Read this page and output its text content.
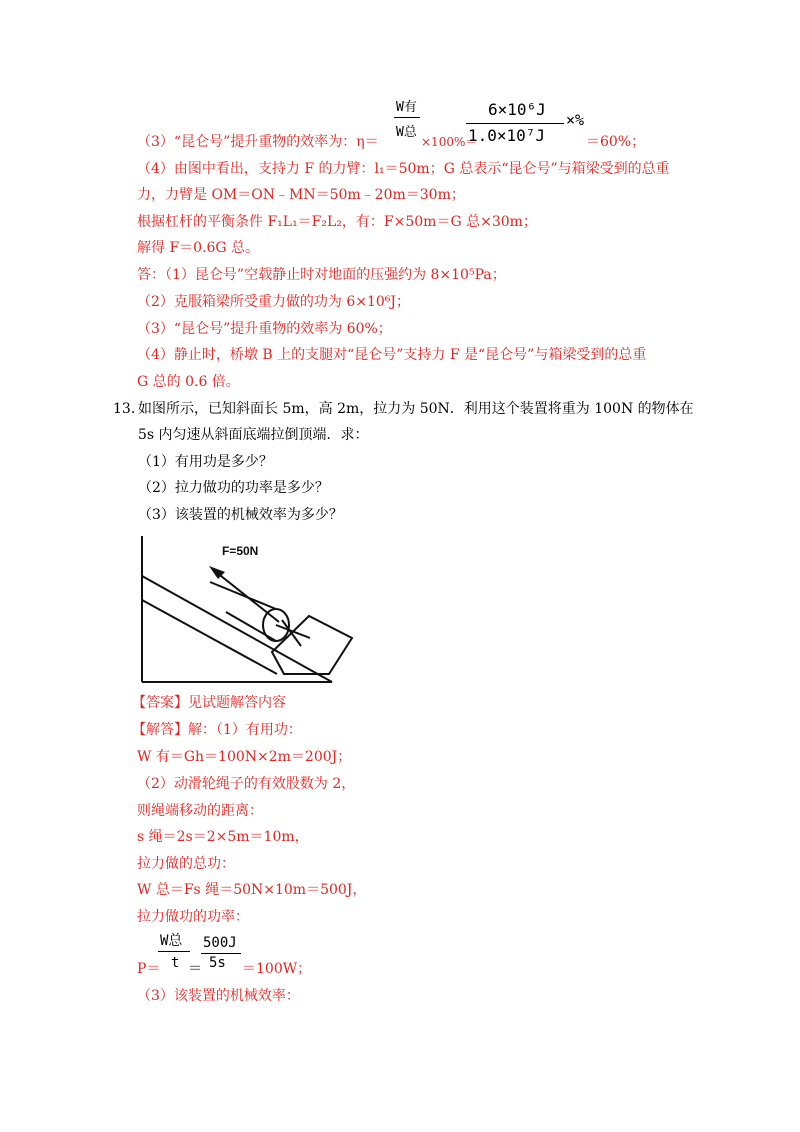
（3）“昆仑号”提升重物的效率为：η＝
W有
W总
×100%＝
6×10⁶J
1.0×10⁷J
×%
＝60%；
（4）由图中看出，支持力 F 的力臂：l₁＝50m；G 总表示“昆仑号”与箱梁受到的总重
力，力臂是 OM＝ON﹣MN＝50m﹣20m＝30m；
根据杠杆的平衡条件 F₁L₁＝F₂L₂，有：F×50m＝G 总×30m；
解得 F＝0.6G 总。
答：（1）昆仑号”空载静止时对地面的压强约为 8×10⁵Pa；
（2）克服箱梁所受重力做的功为 6×10⁶J；
（3）“昆仑号”提升重物的效率为 60%；
（4）静止时，桥墩 B 上的支腿对“昆仑号”支持力 F 是“昆仑号”与箱梁受到的总重
G 总的 0.6 倍。
13．
如图所示，已知斜面长 5m，高 2m，拉力为 50N．利用这个装置将重为 100N 的物体在
5s 内匀速从斜面底端拉倒顶端．求：
（1）有用功是多少？
（2）拉力做功的功率是多少？
（3）该装置的机械效率为多少？
F=50N
【答案】见试题解答内容
【解答】解：（1）有用功：
W 有＝Gh＝100N×2m＝200J；
（2）动滑轮绳子的有效股数为 2，
则绳端移动的距离：
s 绳＝2s＝2×5m＝10m，
拉力做的总功：
W 总＝Fs 绳＝50N×10m＝500J，
拉力做功的功率：
P＝
W总
t ＝
500J
5s ＝100W；
（3）该装置的机械效率：
